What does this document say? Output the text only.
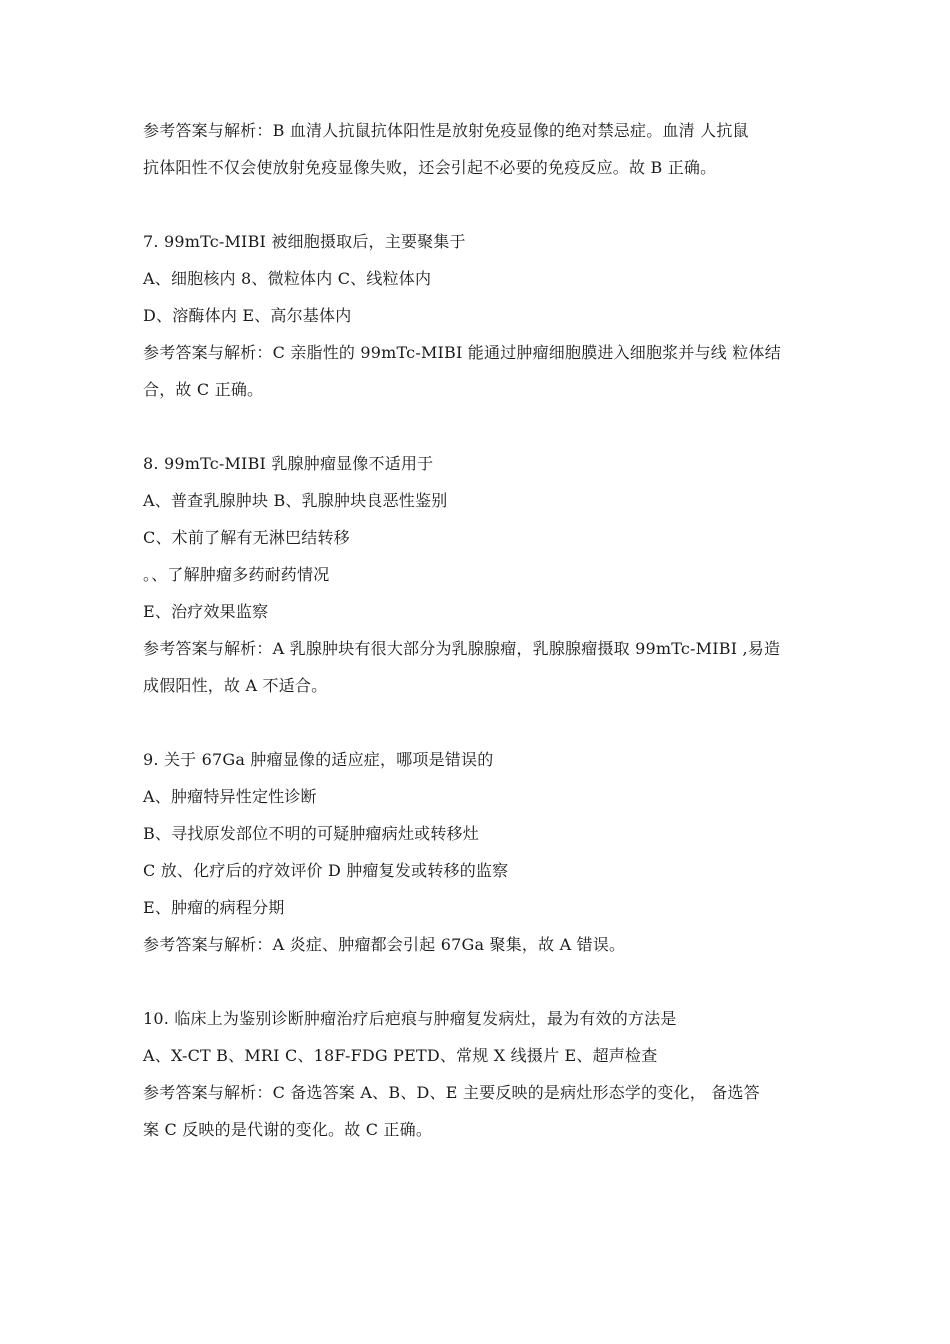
参考答案与解析：B 血清人抗鼠抗体阳性是放射免疫显像的绝对禁忌症。血清 人抗鼠
抗体阳性不仅会使放射免疫显像失败，还会引起不必要的免疫反应。故 B 正确。
7. 99mTc-MIBI 被细胞摄取后，主要聚集于
A、细胞核内 8、微粒体内 C、线粒体内
D、溶酶体内 E、高尔基体内
参考答案与解析：C 亲脂性的 99mTc-MIBI 能通过肿瘤细胞膜进入细胞浆并与线 粒体结
合，故 C 正确。
8. 99mTc-MIBI 乳腺肿瘤显像不适用于
A、普查乳腺肿块 B、乳腺肿块良恶性鉴别
C、术前了解有无淋巴结转移
。、了解肿瘤多药耐药情况
E、治疗效果监察
参考答案与解析：A 乳腺肿块有很大部分为乳腺腺瘤，乳腺腺瘤摄取 99mTc-MIBI ,易造
成假阳性，故 A 不适合。
9. 关于 67Ga 肿瘤显像的适应症，哪项是错误的
A、肿瘤特异性定性诊断
B、寻找原发部位不明的可疑肿瘤病灶或转移灶
C 放、化疗后的疗效评价 D 肿瘤复发或转移的监察
E、肿瘤的病程分期
参考答案与解析：A 炎症、肿瘤都会引起 67Ga 聚集，故 A 错误。
10. 临床上为鉴别诊断肿瘤治疗后疤痕与肿瘤复发病灶，最为有效的方法是
A、X-CT B、MRI C、18F-FDG PETD、常规 X 线摄片 E、超声检查
参考答案与解析：C 备选答案 A、B、D、E 主要反映的是病灶形态学的变化， 备选答
案 C 反映的是代谢的变化。故 C 正确。
